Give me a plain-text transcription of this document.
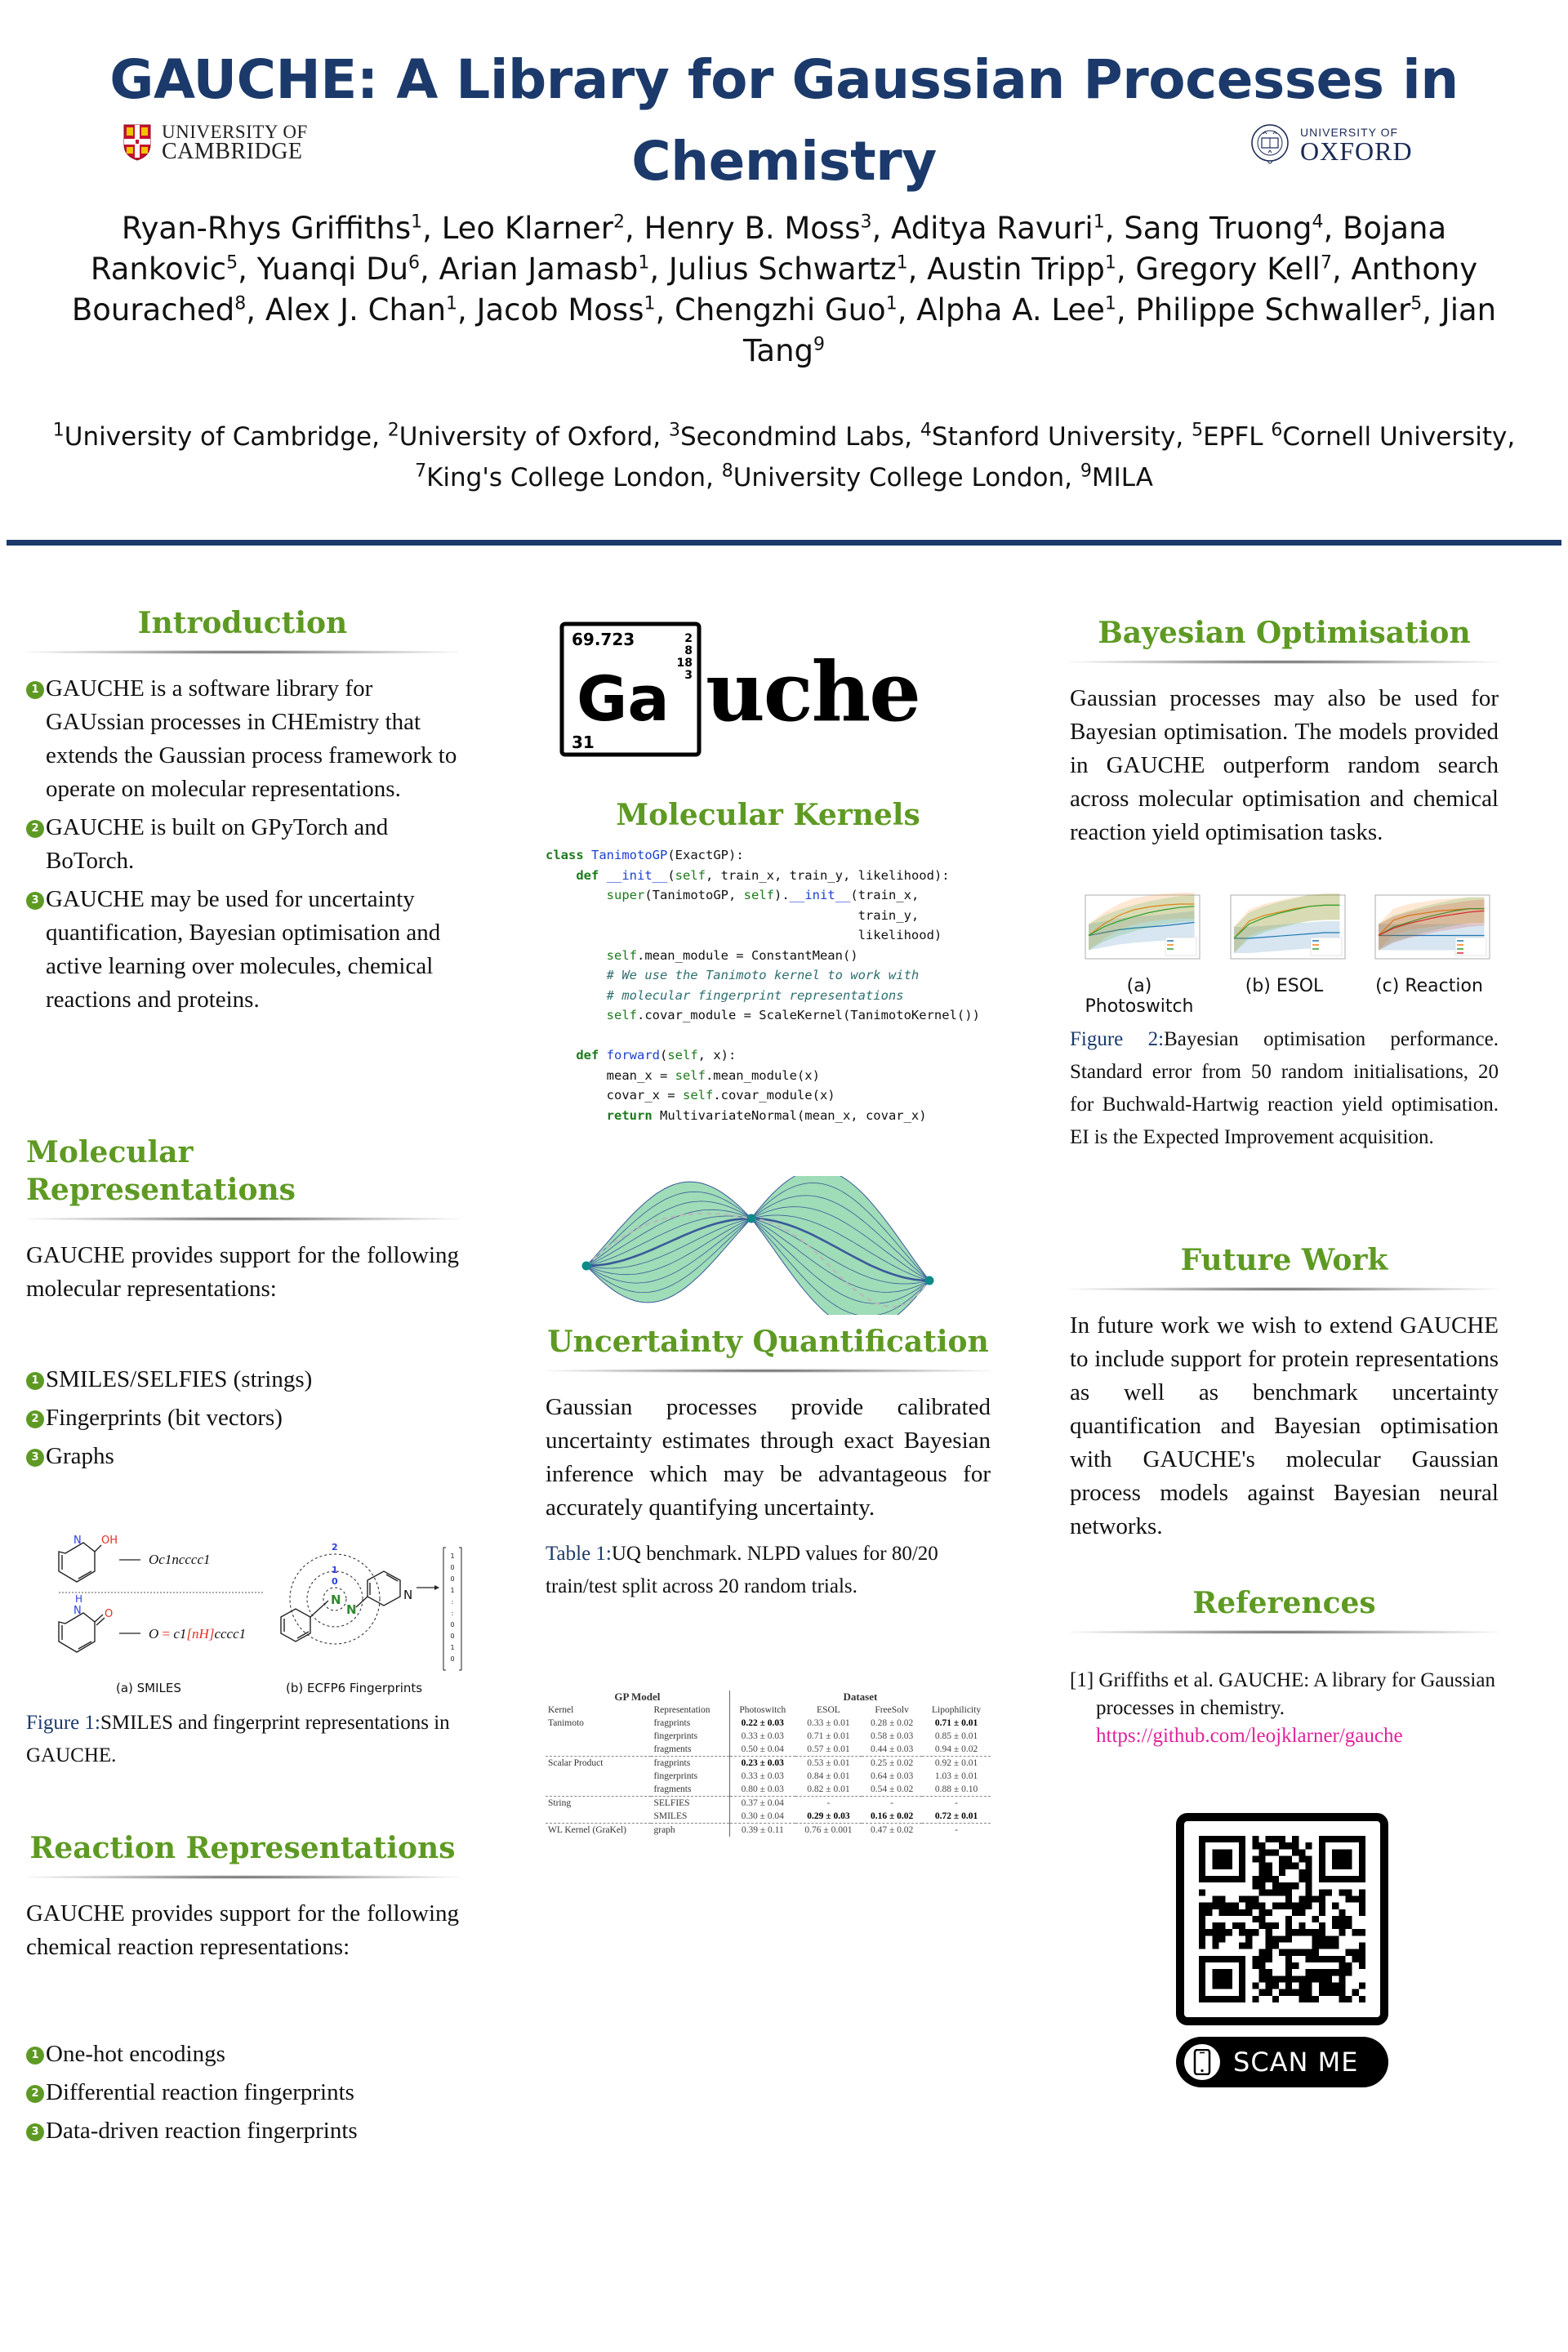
GAUCHE: A Library for Gaussian Processes in
Chemistry
UNIVERSITY OF
CAMBRIDGE
UNIVERSITY OF
OXFORD
Ryan-Rhys Griffiths$^1$, Leo Klarner$^2$, Henry B. Moss$^3$, Aditya Ravuri$^1$, Sang Truong$^4$, Bojana Rankovic$^5$, Yuanqi Du$^6$, Arian Jamasb$^1$, Julius Schwartz$^1$, Austin Tripp$^1$, Gregory Kell$^7$, Anthony Bourached$^8$, Alex J. Chan$^1$, Jacob Moss$^1$, Chengzhi Guo$^1$, Alpha A. Lee$^1$, Philippe Schwaller$^5$, Jian Tang$^9$
$^1$University of Cambridge, $^2$University of Oxford, $^3$Secondmind Labs, $^4$Stanford University, $^5$EPFL $^6$Cornell University,
$^7$King's College London, $^8$University College London, $^9$MILA
Introduction
1 GAUCHE is a software library for GAUssian processes in CHEmistry that extends the Gaussian process framework to operate on molecular representations.
2 GAUCHE is built on GPyTorch and BoTorch.
3 GAUCHE may be used for uncertainty quantification, Bayesian optimisation and active learning over molecules, chemical reactions and proteins.
Molecular Representations

GAUCHE provides support for the following molecular representations:

1 SMILES/SELFIES (strings)
2 Fingerprints (bit vectors)
3 Graphs
N OH
Oc1ncccc1
H
N O
O = c1[nH]cccc1
N
N
N
0
1
2
1
0
0
1
:
:
0
0
1
0
(a) SMILES	(b) ECFP6 Fingerprints

Figure 1:SMILES and fingerprint representations in GAUCHE.

Reaction Representations

GAUCHE provides support for the following chemical reaction representations:

1 One-hot encodings
2 Differential reaction fingerprints
3 Data-driven reaction fingerprints
69.723	2
8
18
3
Ga
31
uche
Molecular Kernels
class TanimotoGP(ExactGP):
def __init__(self, train_x, train_y, likelihood):
super(TanimotoGP, self).__init__(train_x,
train_y,
likelihood)
self.mean_module = ConstantMean()
# We use the Tanimoto kernel to work with
# molecular fingerprint representations
self.covar_module = ScaleKernel(TanimotoKernel())

def forward(self, x):
mean_x = self.mean_module(x)
covar_x = self.covar_module(x)
return MultivariateNormal(mean_x, covar_x)
Uncertainty Quantification

Gaussian processes provide calibrated uncertainty estimates through exact Bayesian inference which may be advantageous for accurately quantifying uncertainty.

Table 1:UQ benchmark. NLPD values for 80/20 train/test split across 20 random trials.

GP Model		Dataset			
Kernel	Representation	Photoswitch	ESOL	FreeSolv	Lipophilicity
Tanimoto	fragprints	0.22 ± 0.03	0.33 ± 0.01	0.28 ± 0.02	0.71 ± 0.01
	fingerprints	0.33 ± 0.03	0.71 ± 0.01	0.58 ± 0.03	0.85 ± 0.01
	fragments	0.50 ± 0.04	0.57 ± 0.01	0.44 ± 0.03	0.94 ± 0.02
Scalar Product	fragprints	0.23 ± 0.03	0.53 ± 0.01	0.25 ± 0.02	0.92 ± 0.01
	fingerprints	0.33 ± 0.03	0.84 ± 0.01	0.64 ± 0.03	1.03 ± 0.01
	fragments	0.80 ± 0.03	0.82 ± 0.01	0.54 ± 0.02	0.88 ± 0.10
String	SELFIES	0.37 ± 0.04	-	-	-
	SMILES	0.30 ± 0.04	0.29 ± 0.03	0.16 ± 0.02	0.72 ± 0.01
WL Kernel (GraKel)	graph	0.39 ± 0.11	0.76 ± 0.001	0.47 ± 0.02	-
Bayesian Optimisation

Gaussian processes may also be used for Bayesian optimisation. The models provided in GAUCHE outperform random search across molecular optimisation and chemical reaction yield optimisation tasks.

(a) Photoswitch
(b) ESOL	(c) Reaction

Figure 2:Bayesian optimisation performance. Standard error from 50 random initialisations, 20 for Buchwald-Hartwig reaction yield optimisation. EI is the Expected Improvement acquisition.

Future Work

In future work we wish to extend GAUCHE to include support for protein representations as well as benchmark uncertainty quantification and Bayesian optimisation with GAUCHE's molecular Gaussian process models against Bayesian neural networks.

References

[1] Griffiths et al. GAUCHE: A library for Gaussian processes in chemistry.
https://github.com/leojklarner/gauche

SCAN ME
